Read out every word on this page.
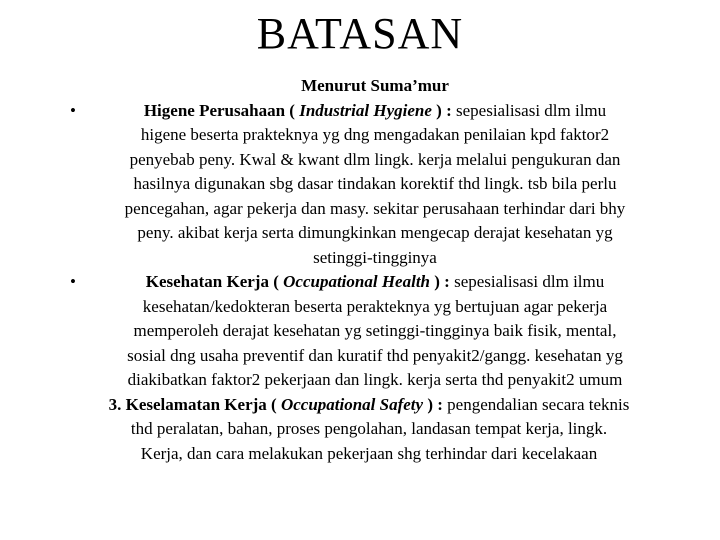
BATASAN
Menurut Suma’mur
•	Higene Perusahaan ( Industrial Hygiene ) : sepesialisasi dlm ilmu
higene beserta prakteknya yg dng mengadakan penilaian kpd faktor2
penyebab peny. Kwal & kwant dlm lingk. kerja melalui pengukuran dan
hasilnya digunakan sbg dasar tindakan korektif thd lingk. tsb bila perlu
pencegahan, agar pekerja dan masy. sekitar perusahaan terhindar dari bhy
peny. akibat kerja serta dimungkinkan mengecap derajat kesehatan yg
setinggi-tingginya
•	Kesehatan Kerja ( Occupational Health ) : sepesialisasi dlm ilmu
kesehatan/kedokteran beserta perakteknya yg bertujuan agar pekerja
memperoleh derajat kesehatan yg setinggi-tingginya baik fisik, mental,
sosial dng usaha preventif dan kuratif thd penyakit2/gangg. kesehatan yg
diakibatkan faktor2 pekerjaan dan lingk. kerja serta thd penyakit2 umum
3. Keselamatan Kerja ( Occupational Safety ) : pengendalian secara teknis
thd peralatan, bahan, proses pengolahan, landasan tempat kerja, lingk.
Kerja, dan cara melakukan pekerjaan shg terhindar dari kecelakaan
